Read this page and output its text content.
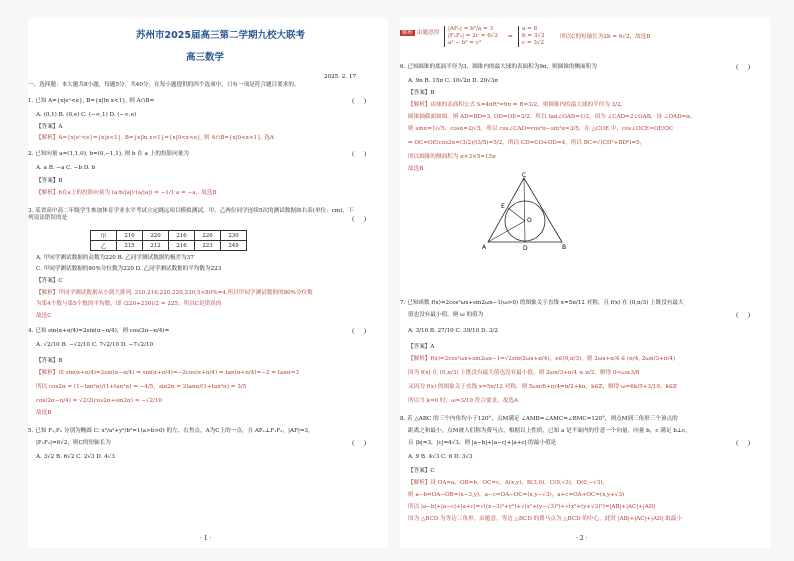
苏州市2025届高三第二学期九校大联考
高三数学
2025. 2. 17
一、选择题：本大题共8小题，每题5分，共40分。在每小题提供的四个选项中，只有一项是符合题目要求的。
1. 已知 A={x|eˣ<e}, B={x|ln x<1}, 则 A∩B=	(     )
A. (0,1) B. (0,e) C. (−∞,1) D. (−∞,e)
【答案】A
【解析】A={x|eˣ<e}={x|x<1}, B={x|ln x<1}={x|0<x<e}, 则 A∩B={x|0<x<1}, 选A
2. 已知向量 a=(1,1,0), b=(0,−1,1), 则 b 在 a 上的投影向量为	(     )
A. a B. −a C. −b D. b
【答案】B
【解析】b在a上的投影向量为 (a·b/|a|)·(a/|a|) = −1/1·a = −a，故选B
3. 某省高中高二年级学生参加体育学业水平考试立定跳远项目模拟测试，甲、乙两位同学连续5次的测试数据如右表(单位：cm)，下列说法错误的是	(     )
甲	210	220	216	220	230
乙	215	212	216	223	249
A. 甲同学测试数据的众数为220 B. 乙同学测试数据的极差为37
C. 甲同学测试数据的80%分位数为220 D. 乙同学测试数据的平均数为223
【答案】C
【解析】甲同学测试数据从小到大排列, 210,216,220,220,230,5×80%=4,所以甲同学测试数据的80%分位数
为第4个数与第5个数的平均数，即 (220+230)/2 = 225，所以C是错误的
故选C
4. 已知 sin(α+π/4)=2sin(α−π/4)，则 cos(2α−π/4)=	(     )
A. √2/10 B. −√2/10 C. 7√2/10 D. −7√2/10
【答案】B
【解析】由 sin(α+π/4)=2sin(α−π/4) ⇒ sin(α+π/4)=−2cos(α+π/4) ⇒ tan(α+π/4)=−2 ⇒ tanα=3
所以 cos2α = (1−tan²α)/(1+tan²α) = −4/5，sin2α = 2tanα/(1+tan²α) = 3/5
cos(2α−π/4) = √2/2(cos2α+sin2α) = −√2/10
故选B
5. 已知 F₁,F₂ 分别为椭圆 C: x²/a²+y²/b²=1(a>b>0) 的左、右焦点，A为C上的一点，且 AF₁⊥F₁F₂，|AF|=3,
|F₁F₂|=6√2，则C的短轴长为	(     )
A. 3√2 B. 6√2 C. 2√3 D. 4√3
· 1 ·
解析 由题意得
|AF₁| = b²/a = 3
|F₁F₂| = 2c = 6√2
a² − b² = c²
⇒
a = 6
b = 3√2
c = 3√2
所以C的短轴长为2b = 6√2，故选B
6. 已知圆锥的底面半径为3，圆锥内的最大球的表面积为9π，则圆锥的侧面积为	(     )
A. 9π B. 15π C. 10√2π D. 20√3π
【答案】B
【解析】由球的表面积公式 S=4πR²=9π ⇒ R=3/2，则圆锥内的最大球的半径为 3/2，
圆锥轴截面如图，则 AD=BD=3, OD=OE=3/2，所以 tan∠OAD=1/2，因为 ∠CAD=2∠OAB，设 ∠OAD=α，
则 sinα=1/√5，cosα=2/√5，所以 cos∠CAD=cos²α−sin²α=3/5，在 △COE 中，cos∠OCE=OE/OC
⇒ OC=OE/cos2α=(3/2)/(3/5)=5/2，所以 CD=CO+OD=4，所以 BC=√(CD²+BD²)=5，
所以圆锥的侧面积为 π×3×5=15π
故选B
C
E
O
A	D	B
7. 已知函数 f(x)=2cos²ωx+sin2ωx−1(ω>0) 的图象关于直线 x=5π/12 对称，且 f(x) 在 (0,π/3) 上既没有最大
值也没有最小值，则 ω 的值为	(     )
A. 3/10 B. 27/10 C. 39/10 D. 3/2
【答案】A
【解析】f(x)=2cos²ωx+sin2ωx−1=√2sin(2ωx+π/4)，x∈(0,π/3)，则 2ωx+π/4 ∈ (π/4, 2ωπ/3+π/4)
因为 f(x) 在 (0,π/3) 上既没有最大值也没有最小值，则 2ωπ/3+π/4 ≤ π/2，解得 0<ω≤3/8
又因为 f(x) 的图象关于直线 x=5π/12 对称，则 5ωπ/6+π/4=π/2+kπ，k∈Z，解得 ω=6k/5+3/10，k∈Z
所以当 k=0 时，ω=3/10 符合要求，故选A
8. 若 △ABC 的三个内角均小于120°，点M满足 ∠AMB=∠AMC=∠BMC=120°，则点M到三角形三个顶点的
距离之和最小，点M被人们称为费马点，根据以上性质，已知 a 是平面内的任意一个向量，向量 b，c 满足 b⊥c，
且 |b|=3，|c|=4√3，则 |a−b|+|a−c|+|a+c| 的最小值是	(     )
A. 9 B. 4√3 C. 6 D. 3√3
【答案】C
【解析】设 OA=a，OB=b，OC=c，A(x,y)，B(3,0)，C(0,√3)，D(0,−√3)，
则 a−b=OA−OB=(x−3,y)，a−c=OA−OC=(x,y−√3)，a+c=OA+OC=(x,y+√3)
所以 |a−b|+|a−c|+|a+c|=√((x−3)²+y²)+√(x²+(y−√3)²)+√(x²+(y+√3)²)=|AB|+|AC|+|AD|
因为 △BCD 为等边三角形，由题意，等边 △BCD 的费马点为 △BCD 的中心，此时 |AB|+|AC|+|AD| 取最小
· 2 ·
